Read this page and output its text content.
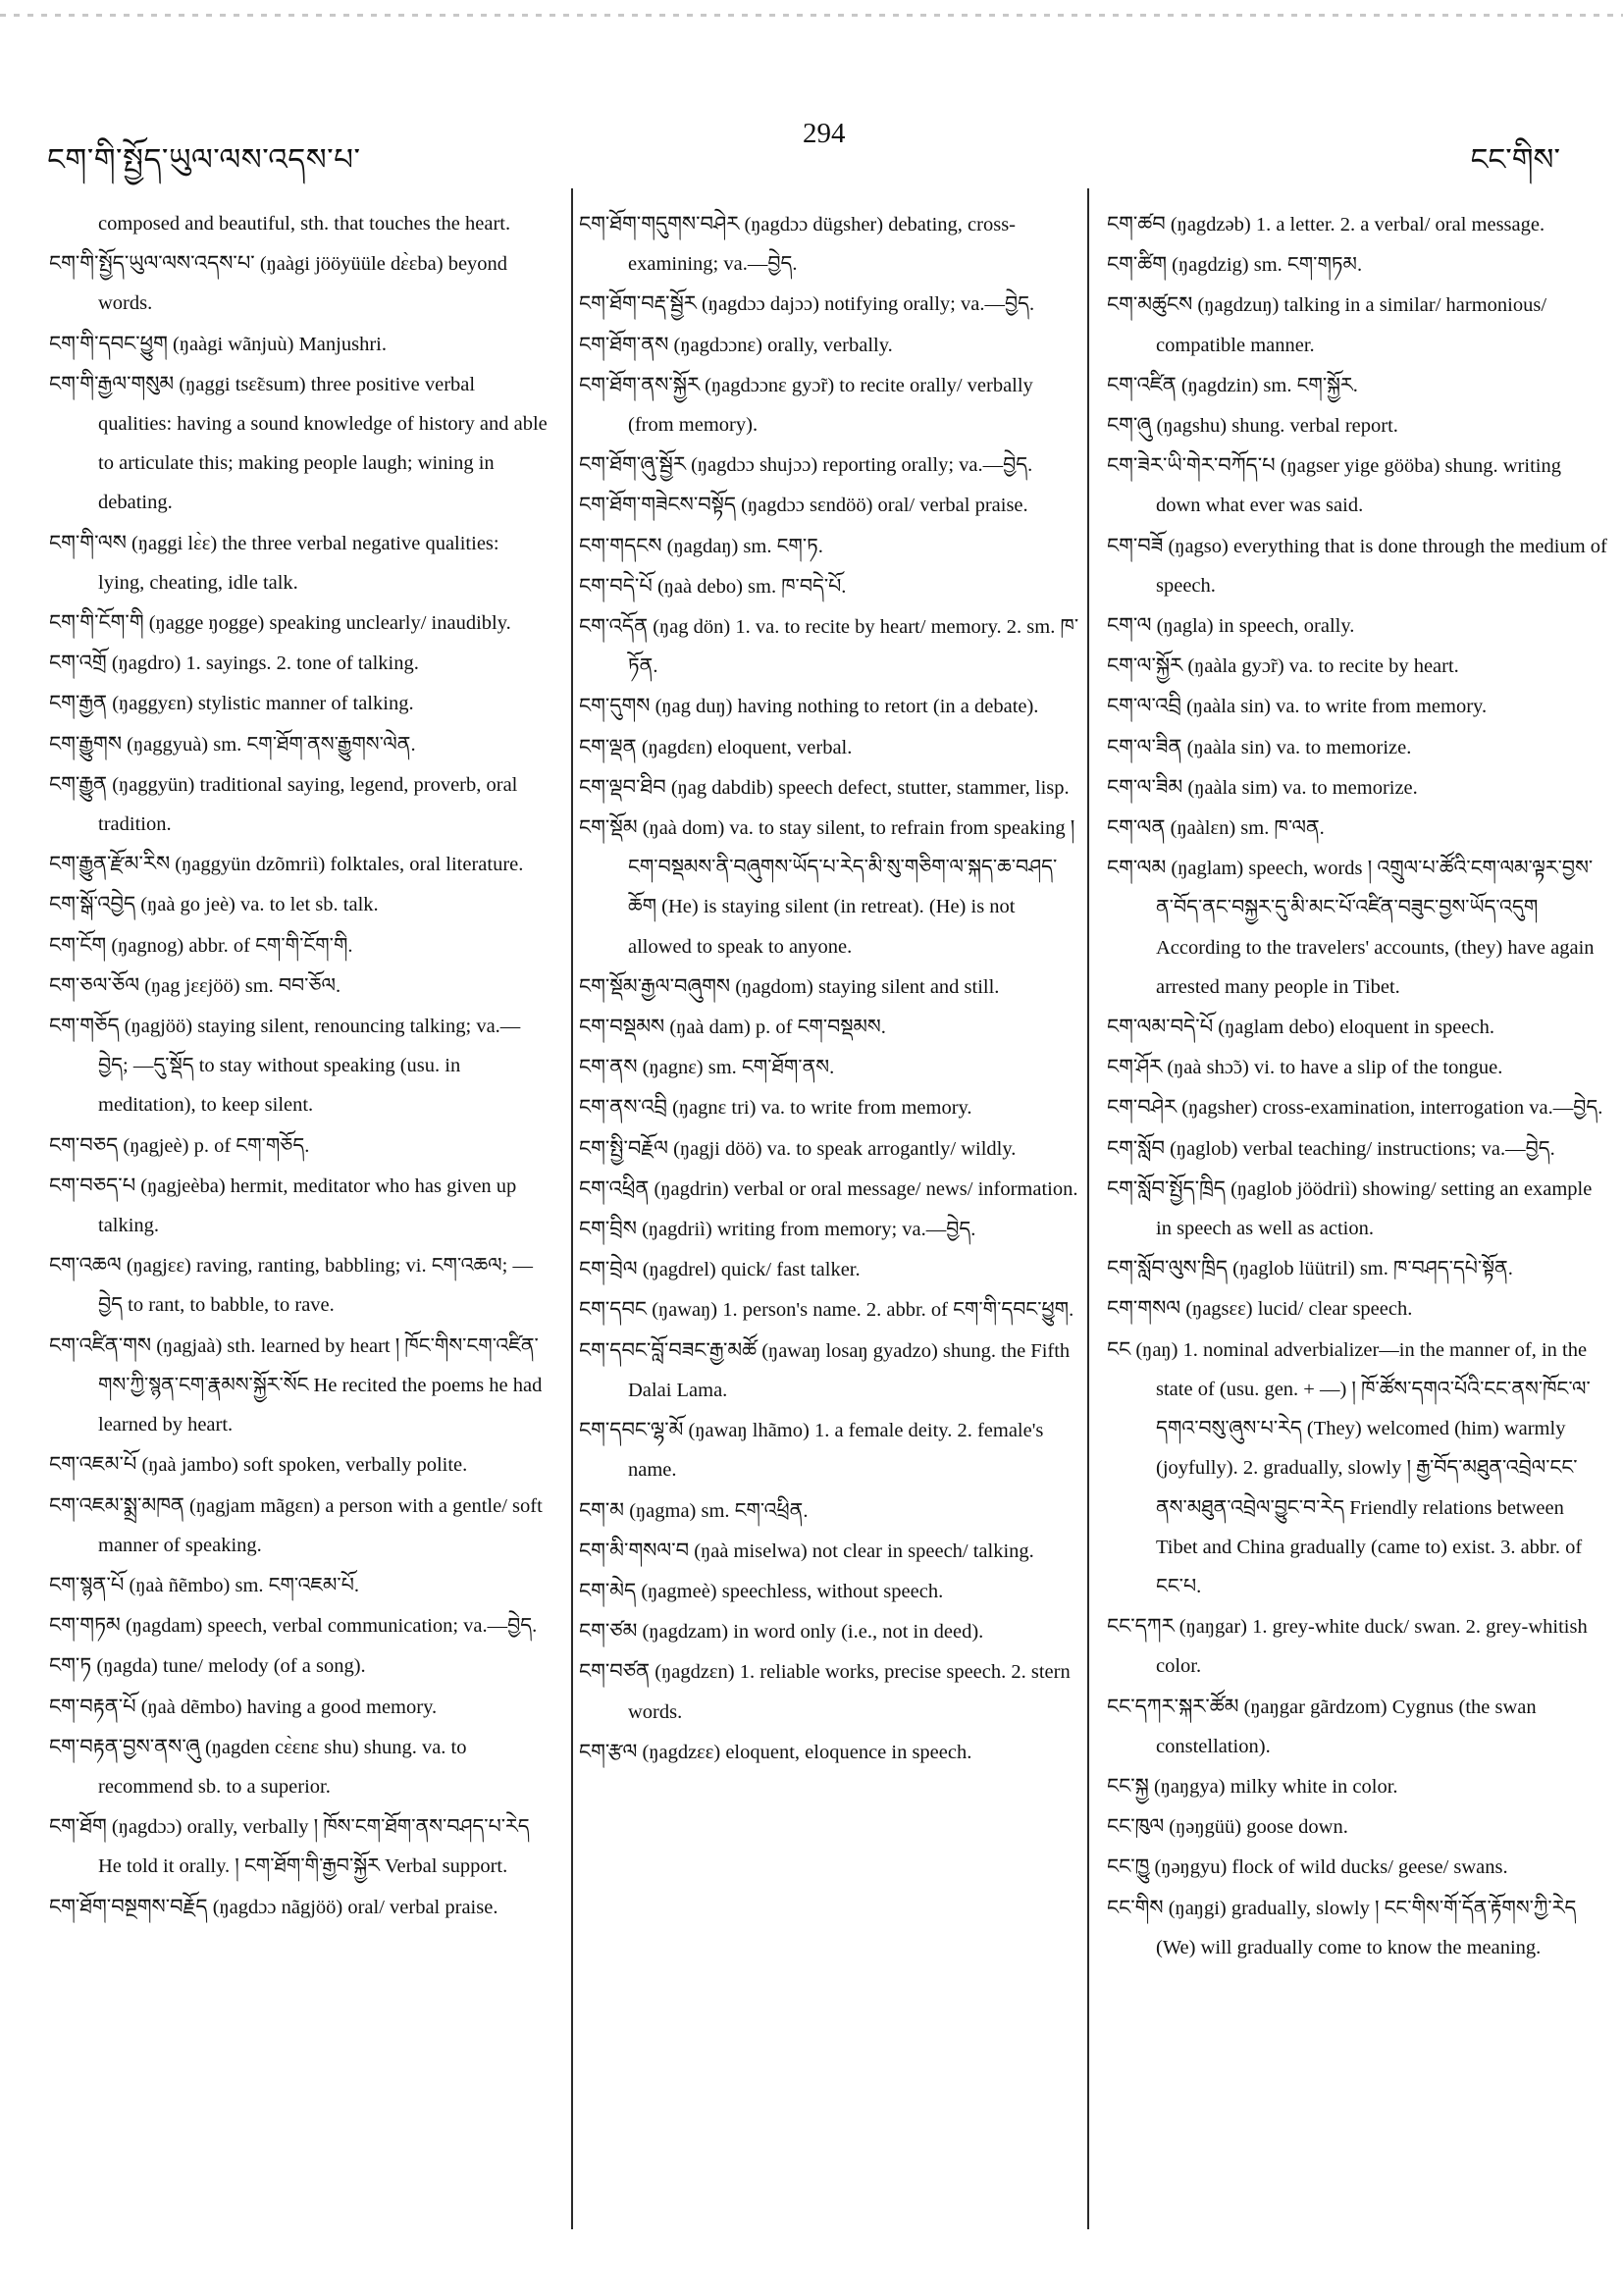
ངག་གི་སྤྱོད་ཡུལ་ལས་འདས་པ་
294
ངང་གིས་

composed and beautiful, sth. that touches the heart.

ངག་གི་སྤྱོད་ཡུལ་ལས་འདས་པ་ (ŋaàgi jööyüüle dɛ̀ɛba) beyond words.

ངག་གི་དབང་ཕྱུག (ŋaàgi wãnjuù) Manjushri.

ངག་གི་རྒྱལ་གསུམ (ŋaggi tsɛ̃ɛsum) three positive verbal qualities: having a sound knowledge of history and able to articulate this; making people laugh; wining in debating.

ངག་གི་ལས (ŋaggi lɛ̀ɛ) the three verbal negative qualities: lying, cheating, idle talk.

ངག་གི་ངོག་གི (ŋagge ŋogge) speaking unclearly/ inaudibly.

ངག་འགྲོ (ŋagdro) 1. sayings. 2. tone of talking.

ངག་རྒྱན (ŋaggyɛn) stylistic manner of talking.

ངག་རྒྱུགས (ŋaggyuà) sm. ངག་ཐོག་ནས་རྒྱུགས་ལེན.

ངག་རྒྱུན (ŋaggyün) traditional saying, legend, proverb, oral tradition.

ངག་རྒྱུན་རྫོམ་རིས (ŋaggyün dzõmriì) folktales, oral literature.

ངག་སྒོ་འབྱེད (ŋaà go jeè) va. to let sb. talk.

ངག་ངོག (ŋagnog) abbr. of ངག་གི་ངོག་གི.

ངག་ཅལ་ཅོལ (ŋag jɛɛjöö) sm. བབ་ཅོལ.

ངག་གཅོད (ŋagjöö) staying silent, renouncing talking; va.—བྱེད; —དུ་སྡོད to stay without speaking (usu. in meditation), to keep silent.

ངག་བཅད (ŋagjeè) p. of ངག་གཅོད.

ངག་བཅད་པ (ŋagjeèba) hermit, meditator who has given up talking.

ངག་འཆལ (ŋagjɛɛ) raving, ranting, babbling; vi. ངག་འཆལ; —བྱེད to rant, to babble, to rave.

ངག་འཛིན་གས (ŋagjaà) sth. learned by heart ། ཁོང་གིས་ངག་འཛིན་གས་ཀྱི་སྙན་ངག་རྣམས་སྐྱོར་སོང He recited the poems he had learned by heart.

ངག་འཇམ་པོ (ŋaà jambo) soft spoken, verbally polite.

ངག་འཇམ་སྨྲ་མཁན (ŋagjam mãgɛn) a person with a gentle/ soft manner of speaking.

ངག་སྙན་པོ (ŋaà ñẽmbo) sm. ངག་འཇམ་པོ.

ངག་གཏམ (ŋagdam) speech, verbal communication; va.—བྱེད.

ངག་ཏ (ŋagda) tune/ melody (of a song).

ངག་བརྟན་པོ (ŋaà dẽmbo) having a good memory.

ངག་བརྟན་བྱས་ནས་ཞུ (ŋagden cɛ̀ɛnɛ shu) shung. va. to recommend sb. to a superior.

ངག་ཐོག (ŋagdɔɔ) orally, verbally ། ཁོས་ངག་ཐོག་ནས་བཤད་པ་རེད He told it orally. ། ངག་ཐོག་གི་རྒྱབ་སྐྱོར Verbal support.

ངག་ཐོག་བསྔགས་བརྗོད (ŋagdɔɔ nãgjöö) oral/ verbal praise.

ངག་ཐོག་གདུགས་བཤེར (ŋagdɔɔ dügsher) debating, cross-examining; va.—བྱེད.

ངག་ཐོག་བརྡ་སྦྱོར (ŋagdɔɔ dajɔɔ) notifying orally; va.—བྱེད.

ངག་ཐོག་ནས (ŋagdɔɔnɛ) orally, verbally.

ངག་ཐོག་ནས་སྐྱོར (ŋagdɔɔnɛ gyɔ̃r) to recite orally/ verbally (from memory).

ངག་ཐོག་ཞུ་སྦྱོར (ŋagdɔɔ shujɔɔ) reporting orally; va.—བྱེད.

ངག་ཐོག་གཟེངས་བསྟོད (ŋagdɔɔ sɛndöö) oral/ verbal praise.

ངག་གདངས (ŋagdaŋ) sm. ངག་ཏ.

ངག་བདེ་པོ (ŋaà debo) sm. ཁ་བདེ་པོ.

ངག་འདོན (ŋag dön) 1. va. to recite by heart/ memory. 2. sm. ཁ་ཏོན.

ངག་དུགས (ŋag duŋ) having nothing to retort (in a debate).

ངག་ལྡན (ŋagdɛn) eloquent, verbal.

ངག་ལྡབ་ཐིབ (ŋag dabdib) speech defect, stutter, stammer, lisp.

ངག་སྡོམ (ŋaà dom) va. to stay silent, to refrain from speaking ། ངག་བསྡམས་ནི་བཞུགས་ཡོད་པ་རེད་མི་སུ་གཅིག་ལ་སྐད་ཆ་བཤད་ཆོག (He) is staying silent (in retreat). (He) is not allowed to speak to anyone.

ངག་སྡོམ་རྒྱལ་བཞུགས (ŋagdom) staying silent and still.

ངག་བསྡམས (ŋaà dam) p. of ངག་བསྡམས.

ངག་ནས (ŋagnɛ) sm. ངག་ཐོག་ནས.

ངག་ནས་འབྲི (ŋagnɛ tri) va. to write from memory.

ངག་སྤྱི་བརྗོལ (ŋagji döö) va. to speak arrogantly/ wildly.

ངག་འཕྲིན (ŋagdrin) verbal or oral message/ news/ information.

ངག་བྲིས (ŋagdriì) writing from memory; va.—བྱེད.

ངག་བྲེལ (ŋagdrel) quick/ fast talker.

ངག་དབང (ŋawaŋ) 1. person's name. 2. abbr. of ངག་གི་དབང་ཕྱུག.

ངག་དབང་བློ་བཟང་རྒྱ་མཚོ (ŋawaŋ losaŋ gyadzo) shung. the Fifth Dalai Lama.

ངག་དབང་ལྷ་མོ (ŋawaŋ lhãmo) 1. a female deity. 2. female's name.

ངག་མ (ŋagma) sm. ངག་འཕྲིན.

ངག་མི་གསལ་བ (ŋaà miselwa) not clear in speech/ talking.

ངག་མེད (ŋagmeè) speechless, without speech.

ངག་ཙམ (ŋagdzam) in word only (i.e., not in deed).

ངག་བཙན (ŋagdzɛn) 1. reliable works, precise speech. 2. stern words.

ངག་རྩལ (ŋagdzɛɛ) eloquent, eloquence in speech.

ངག་ཚབ (ŋagdzəb) 1. a letter. 2. a verbal/ oral message.

ངག་ཚིག (ŋagdzig) sm. ངག་གཏམ.

ངག་མཚུངས (ŋagdzuŋ) talking in a similar/ harmonious/ compatible manner.

ངག་འཛིན (ŋagdzin) sm. ངག་སྐྱོར.

ངག་ཞུ (ŋagshu) shung. verbal report.

ངག་ཟེར་ཡི་གེར་བཀོད་པ (ŋagser yige gööba) shung. writing down what ever was said.

ངག་བཟོ (ŋagso) everything that is done through the medium of speech.

ངག་ལ (ŋagla) in speech, orally.

ངག་ལ་སྐྱོར (ŋaàla gyɔ̃r) va. to recite by heart.

ངག་ལ་འབྲི (ŋaàla sin) va. to write from memory.

ངག་ལ་ཟིན (ŋaàla sin) va. to memorize.

ངག་ལ་ཟིམ (ŋaàla sim) va. to memorize.

ངག་ལན (ŋaàlɛn) sm. ཁ་ལན.

ངག་ལམ (ŋaglam) speech, words ། འགྲུལ་པ་ཚོའི་ངག་ལམ་ལྟར་བྱས་ན་བོད་ནང་བསྐྱར་དུ་མི་མང་པོ་འཛིན་བཟུང་བྱས་ཡོད་འདུག According to the travelers' accounts, (they) have again arrested many people in Tibet.

ངག་ལམ་བདེ་པོ (ŋaglam debo) eloquent in speech.

ངག་ཤོར (ŋaà shɔ̃ɔ) vi. to have a slip of the tongue.

ངག་བཤེར (ŋagsher) cross-examination, interrogation va.—བྱེད.

ངག་སློབ (ŋaglob) verbal teaching/ instructions; va.—བྱེད.

ངག་སློབ་སྤྱོད་ཁྲིད (ŋaglob jöödriì) showing/ setting an example in speech as well as action.

ངག་སློབ་ལུས་ཁྲིད (ŋaglob lüütril) sm. ཁ་བཤད་དཔེ་སྟོན.

ངག་གསལ (ŋagsɛɛ) lucid/ clear speech.

ངང (ŋaŋ) 1. nominal adverbializer—in the manner of, in the state of (usu. gen. + —) ། ཁོ་ཚོས་དགའ་པོའི་ངང་ནས་ཁོང་ལ་དགའ་བསུ་ཞུས་པ་རེད (They) welcomed (him) warmly (joyfully). 2. gradually, slowly ། རྒྱ་བོད་མཐུན་འབྲེལ་ངང་ནས་མཐུན་འབྲེལ་བྱུང་བ་རེད Friendly relations between Tibet and China gradually (came to) exist. 3. abbr. of ངང་པ.

ངང་དཀར (ŋaŋgar) 1. grey-white duck/ swan. 2. grey-whitish color.

ངང་དཀར་སྐར་ཚོམ (ŋaŋgar gãrdzom) Cygnus (the swan constellation).

ངང་སྐྱ (ŋaŋgya) milky white in color.

ངང་ཁུལ (ŋəŋgüü) goose down.

ངང་ཁྱུ (ŋəŋgyu) flock of wild ducks/ geese/ swans.

ངང་གིས (ŋaŋgi) gradually, slowly ། ངང་གིས་གོ་དོན་རྟོགས་ཀྱི་རེད (We) will gradually come to know the meaning.
